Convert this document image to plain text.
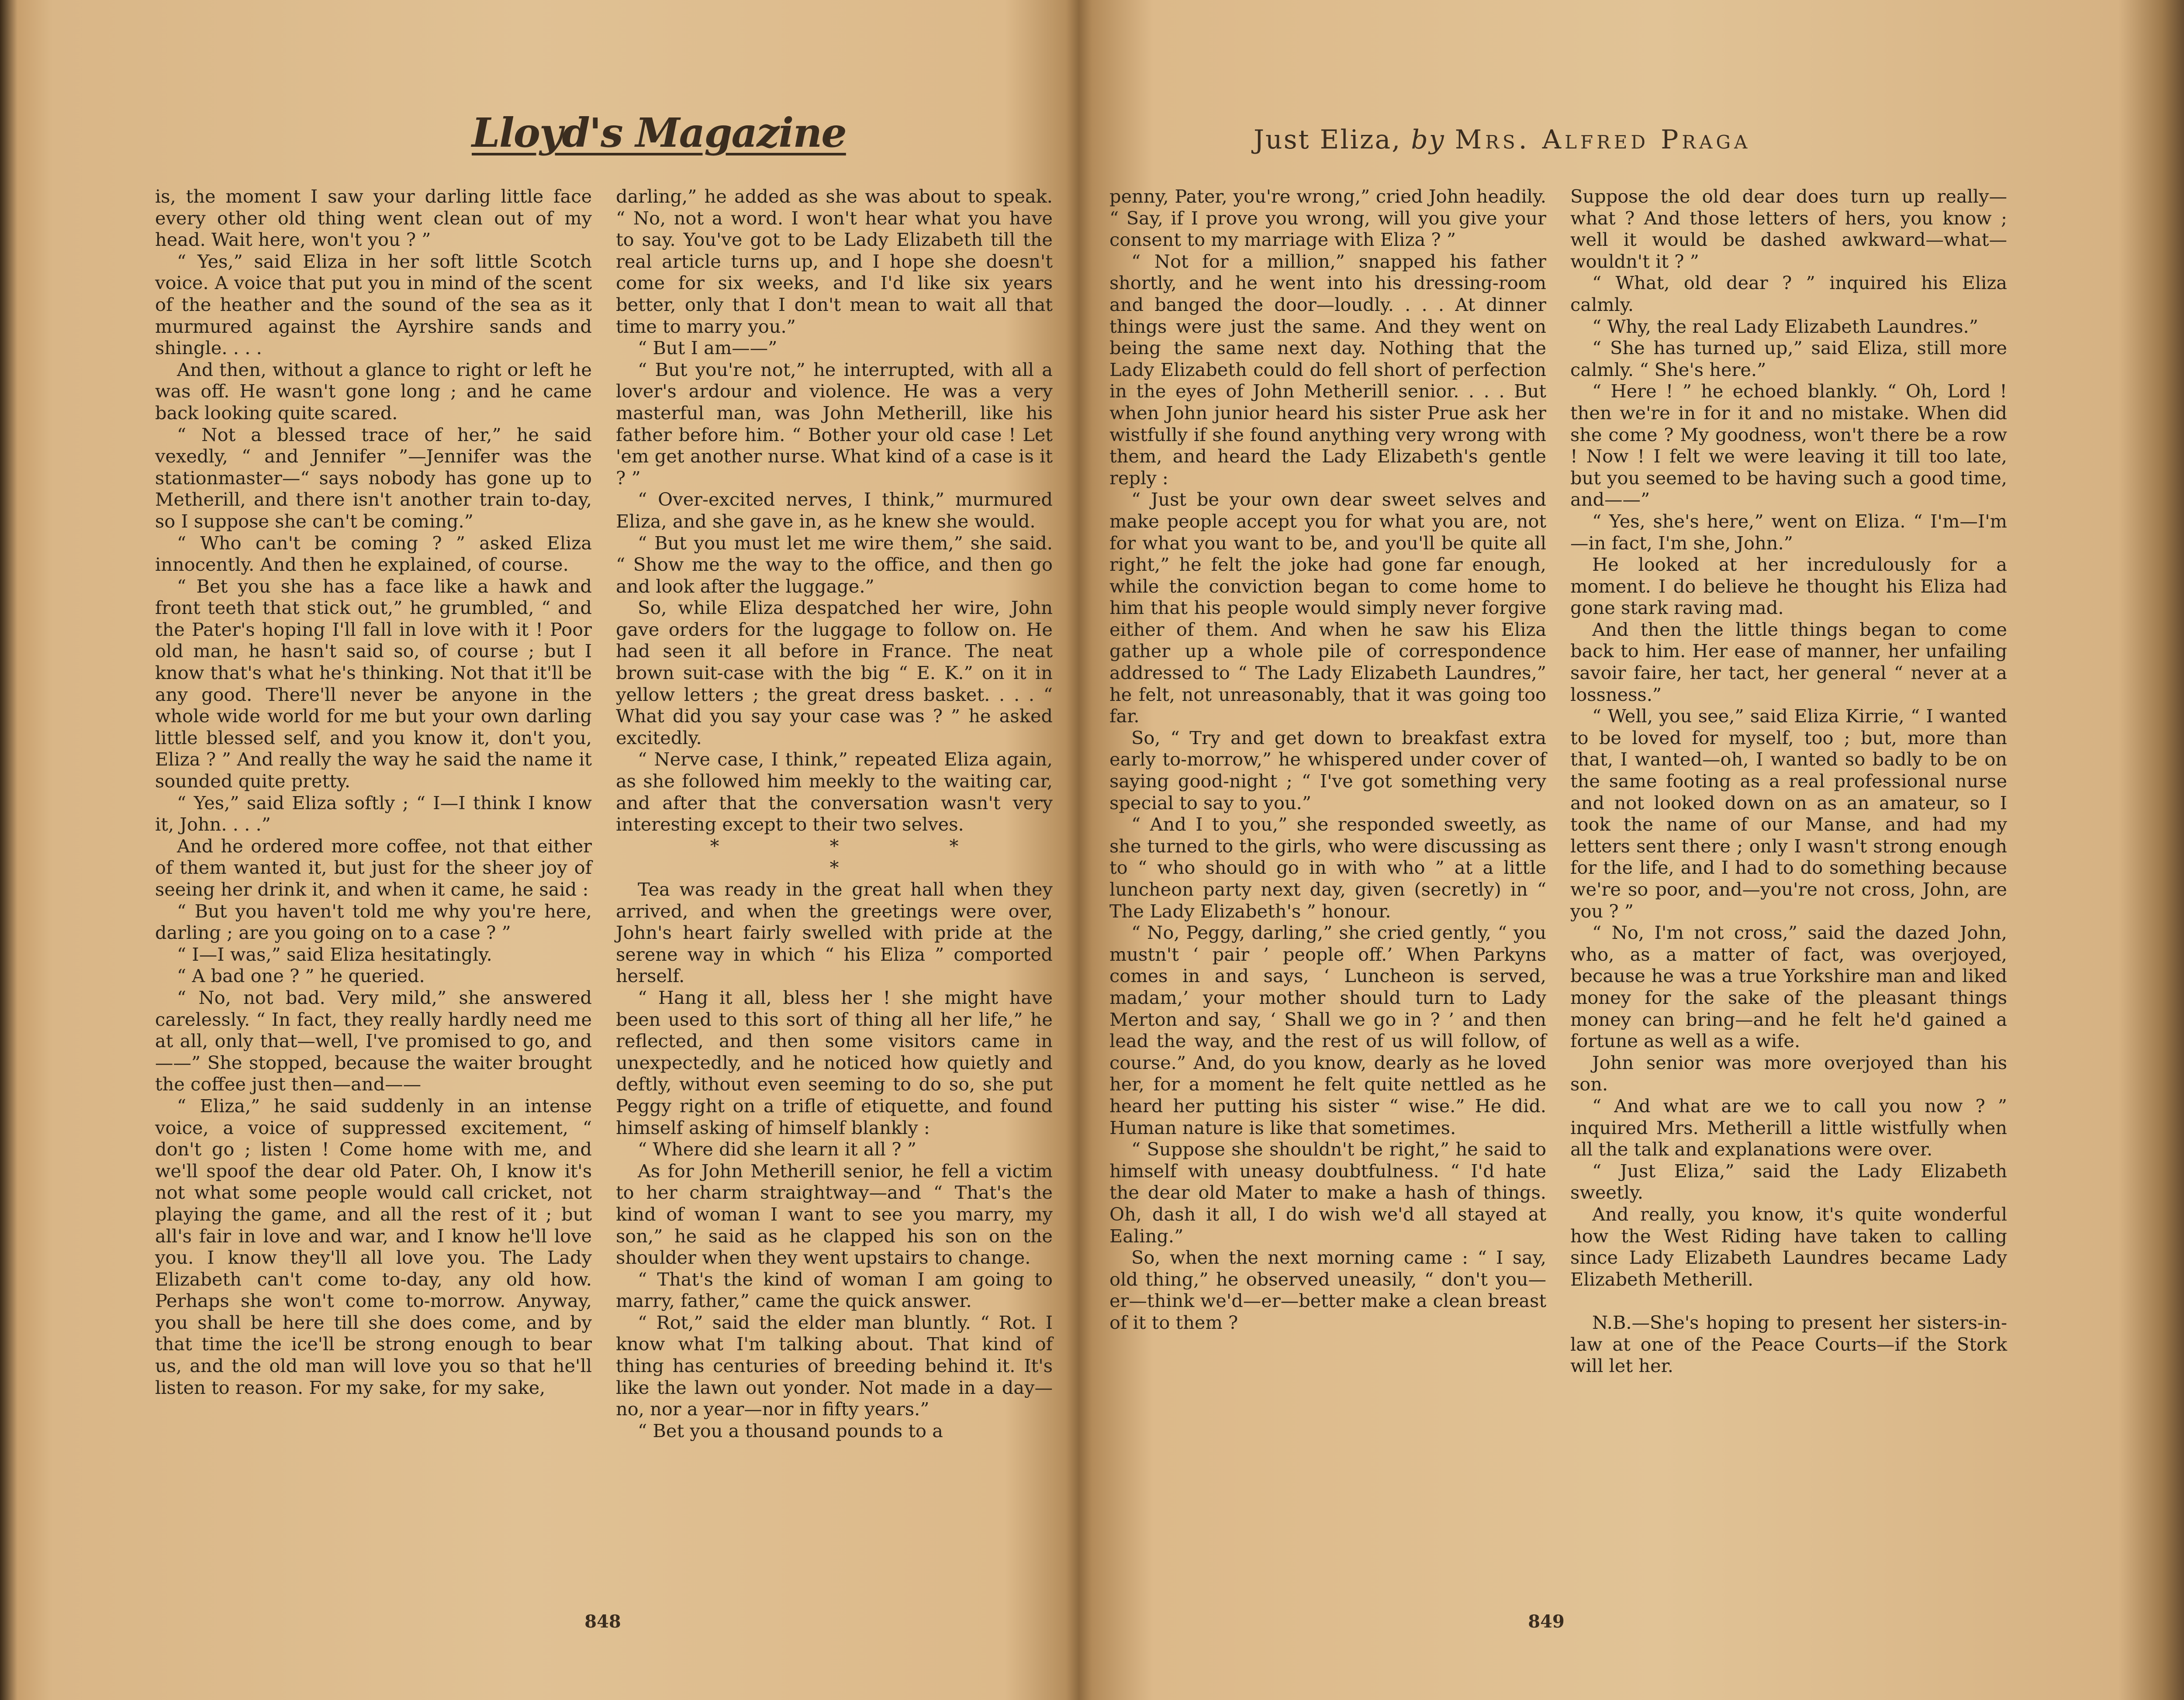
Lloyd's Magazine

is, the moment I saw your darling little face every other old thing went clean out of my head. Wait here, won't you ? ”

“ Yes,” said Eliza in her soft little Scotch voice. A voice that put you in mind of the scent of the heather and the sound of the sea as it murmured against the Ayrshire sands and shingle. . . .

And then, without a glance to right or left he was off. He wasn't gone long ; and he came back looking quite scared.

“ Not a blessed trace of her,” he said vexedly, “ and Jennifer ”—Jennifer was the stationmaster—“ says nobody has gone up to Metherill, and there isn't another train to-day, so I suppose she can't be coming.”

“ Who can't be coming ? ” asked Eliza innocently. And then he explained, of course.

“ Bet you she has a face like a hawk and front teeth that stick out,” he grumbled, “ and the Pater's hoping I'll fall in love with it ! Poor old man, he hasn't said so, of course ; but I know that's what he's thinking. Not that it'll be any good. There'll never be anyone in the whole wide world for me but your own darling little blessed self, and you know it, don't you, Eliza ? ” And really the way he said the name it sounded quite pretty.

“ Yes,” said Eliza softly ; “ I—I think I know it, John. . . .”

And he ordered more coffee, not that either of them wanted it, but just for the sheer joy of seeing her drink it, and when it came, he said :

“ But you haven't told me why you're here, darling ; are you going on to a case ? ”

“ I—I was,” said Eliza hesitatingly.

“ A bad one ? ” he queried.

“ No, not bad. Very mild,” she answered carelessly. “ In fact, they really hardly need me at all, only that—well, I've promised to go, and——” She stopped, because the waiter brought the coffee just then—and——

“ Eliza,” he said suddenly in an intense voice, a voice of suppressed excitement, “ don't go ; listen ! Come home with me, and we'll spoof the dear old Pater. Oh, I know it's not what some people would call cricket, not playing the game, and all the rest of it ; but all's fair in love and war, and I know he'll love you. I know they'll all love you. The Lady Elizabeth can't come to-day, any old how. Perhaps she won't come to-morrow. Anyway, you shall be here till she does come, and by that time the ice'll be strong enough to bear us, and the old man will love you so that he'll listen to reason. For my sake, for my sake,

darling,” he added as she was about to speak. “ No, not a word. I won't hear what you have to say. You've got to be Lady Elizabeth till the real article turns up, and I hope she doesn't come for six weeks, and I'd like six years better, only that I don't mean to wait all that time to marry you.”

“ But I am——”

“ But you're not,” he interrupted, with all a lover's ardour and violence. He was a very masterful man, was John Metherill, like his father before him. “ Bother your old case ! Let 'em get another nurse. What kind of a case is it ? ”

“ Over-excited nerves, I think,” murmured Eliza, and she gave in, as he knew she would.

“ But you must let me wire them,” she said. “ Show me the way to the office, and then go and look after the luggage.”

So, while Eliza despatched her wire, John gave orders for the luggage to follow on. He had seen it all before in France. The neat brown suit-case with the big “ E. K.” on it in yellow letters ; the great dress basket. . . . “ What did you say your case was ? ” he asked excitedly.

“ Nerve case, I think,” repeated Eliza again, as she followed him meekly to the waiting car, and after that the conversation wasn't very interesting except to their two selves.

* * * *

Tea was ready in the great hall when they arrived, and when the greetings were over, John's heart fairly swelled with pride at the serene way in which “ his Eliza ” comported herself.

“ Hang it all, bless her ! she might have been used to this sort of thing all her life,” he reflected, and then some visitors came in unexpectedly, and he noticed how quietly and deftly, without even seeming to do so, she put Peggy right on a trifle of etiquette, and found himself asking of himself blankly :

“ Where did she learn it all ? ”

As for John Metherill senior, he fell a victim to her charm straightway—and “ That's the kind of woman I want to see you marry, my son,” he said as he clapped his son on the shoulder when they went upstairs to change.

“ That's the kind of woman I am going to marry, father,” came the quick answer.

“ Rot,” said the elder man bluntly. “ Rot. I know what I'm talking about. That kind of thing has centuries of breeding behind it. It's like the lawn out yonder. Not made in a day—no, nor a year—nor in fifty years.”

“ Bet you a thousand pounds to a

848
Just Eliza, by Mrs. Alfred Praga

penny, Pater, you're wrong,” cried John headily. “ Say, if I prove you wrong, will you give your consent to my marriage with Eliza ? ”

“ Not for a million,” snapped his father shortly, and he went into his dressing-room and banged the door—loudly. . . . At dinner things were just the same. And they went on being the same next day. Nothing that the Lady Elizabeth could do fell short of perfection in the eyes of John Metherill senior. . . . But when John junior heard his sister Prue ask her wistfully if she found anything very wrong with them, and heard the Lady Elizabeth's gentle reply :

“ Just be your own dear sweet selves and make people accept you for what you are, not for what you want to be, and you'll be quite all right,” he felt the joke had gone far enough, while the conviction began to come home to him that his people would simply never forgive either of them. And when he saw his Eliza gather up a whole pile of correspondence addressed to “ The Lady Elizabeth Laundres,” he felt, not unreasonably, that it was going too far.

So, “ Try and get down to breakfast extra early to-morrow,” he whispered under cover of saying good-night ; “ I've got something very special to say to you.”

“ And I to you,” she responded sweetly, as she turned to the girls, who were discussing as to “ who should go in with who ” at a little luncheon party next day, given (secretly) in “ The Lady Elizabeth's ” honour.

“ No, Peggy, darling,” she cried gently, “ you mustn't ‘ pair ’ people off.’ When Parkyns comes in and says, ‘ Luncheon is served, madam,’ your mother should turn to Lady Merton and say, ‘ Shall we go in ? ’ and then lead the way, and the rest of us will follow, of course.” And, do you know, dearly as he loved her, for a moment he felt quite nettled as he heard her putting his sister “ wise.” He did. Human nature is like that sometimes.

“ Suppose she shouldn't be right,” he said to himself with uneasy doubtfulness. “ I'd hate the dear old Mater to make a hash of things. Oh, dash it all, I do wish we'd all stayed at Ealing.”

So, when the next morning came : “ I say, old thing,” he observed uneasily, “ don't you—er—think we'd—er—better make a clean breast of it to them ?

Suppose the old dear does turn up really—what ? And those letters of hers, you know ; well it would be dashed awkward—what—wouldn't it ? ”

“ What, old dear ? ” inquired his Eliza calmly.

“ Why, the real Lady Elizabeth Laundres.”

“ She has turned up,” said Eliza, still more calmly. “ She's here.”

“ Here ! ” he echoed blankly. “ Oh, Lord ! then we're in for it and no mistake. When did she come ? My goodness, won't there be a row ! Now ! I felt we were leaving it till too late, but you seemed to be having such a good time, and——”

“ Yes, she's here,” went on Eliza. “ I'm—I'm—in fact, I'm she, John.”

He looked at her incredulously for a moment. I do believe he thought his Eliza had gone stark raving mad.

And then the little things began to come back to him. Her ease of manner, her unfailing savoir faire, her tact, her general “ never at a lossness.”

“ Well, you see,” said Eliza Kirrie, “ I wanted to be loved for myself, too ; but, more than that, I wanted—oh, I wanted so badly to be on the same footing as a real professional nurse and not looked down on as an amateur, so I took the name of our Manse, and had my letters sent there ; only I wasn't strong enough for the life, and I had to do something because we're so poor, and—you're not cross, John, are you ? ”

“ No, I'm not cross,” said the dazed John, who, as a matter of fact, was overjoyed, because he was a true Yorkshire man and liked money for the sake of the pleasant things money can bring—and he felt he'd gained a fortune as well as a wife.

John senior was more overjoyed than his son.

“ And what are we to call you now ? ” inquired Mrs. Metherill a little wistfully when all the talk and explanations were over.

“ Just Eliza,” said the Lady Elizabeth sweetly.

And really, you know, it's quite wonderful how the West Riding have taken to calling since Lady Elizabeth Laundres became Lady Elizabeth Metherill.

N.B.—She's hoping to present her sisters-in-law at one of the Peace Courts—if the Stork will let her.

849
